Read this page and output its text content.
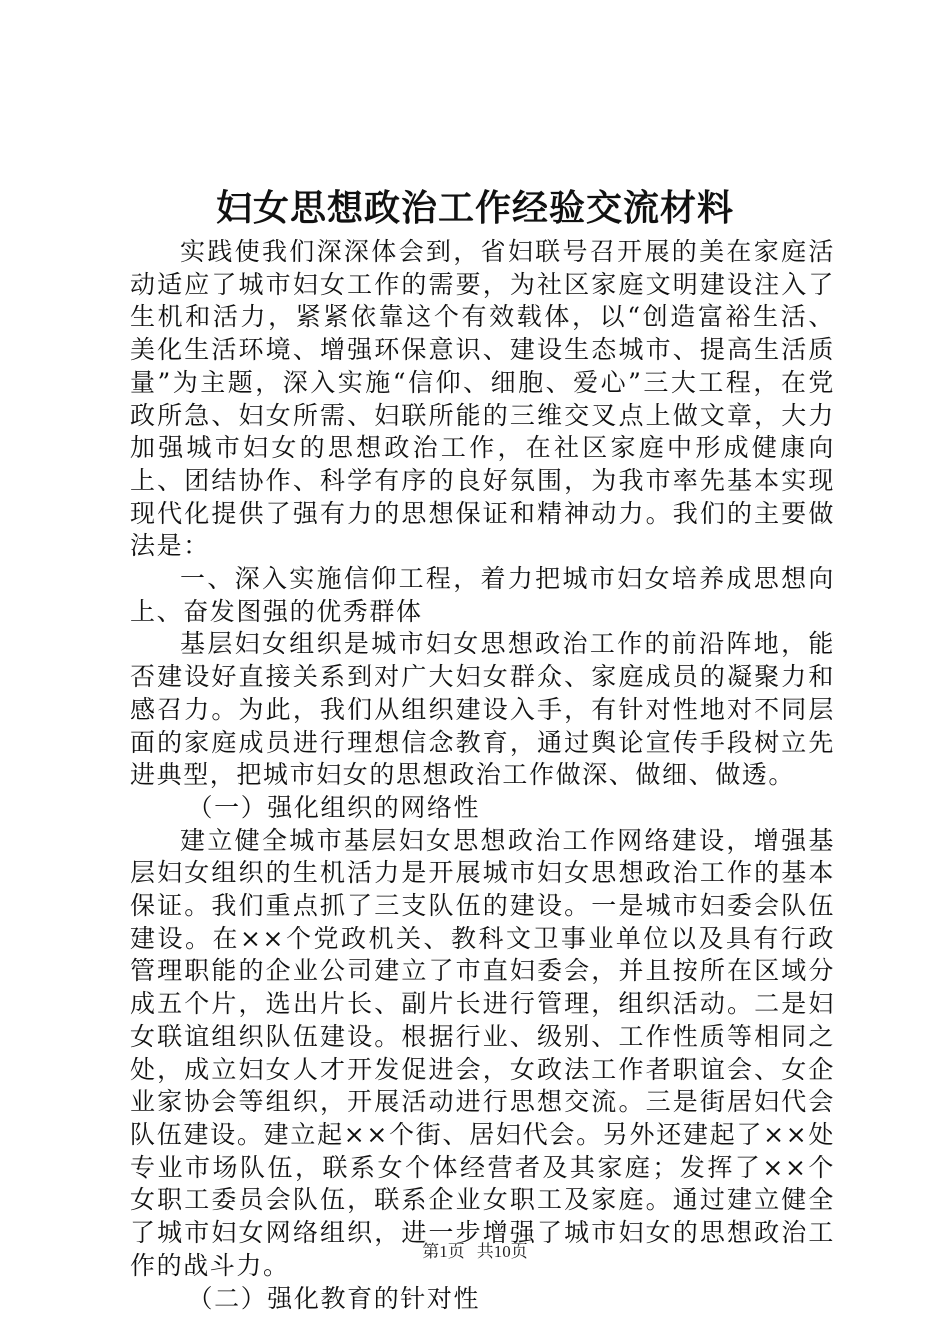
妇女思想政治工作经验交流材料

实践使我们深深体会到，省妇联号召开展的美在家庭活动适应了城市妇女工作的需要，为社区家庭文明建设注入了生机和活力，紧紧依靠这个有效载体，以“创造富裕生活、美化生活环境、增强环保意识、建设生态城市、提高生活质量”为主题，深入实施“信仰、细胞、爱心”三大工程，在党政所急、妇女所需、妇联所能的三维交叉点上做文章，大力加强城市妇女的思想政治工作，在社区家庭中形成健康向上、团结协作、科学有序的良好氛围，为我市率先基本实现现代化提供了强有力的思想保证和精神动力。我们的主要做法是：

一、深入实施信仰工程，着力把城市妇女培养成思想向上、奋发图强的优秀群体

基层妇女组织是城市妇女思想政治工作的前沿阵地，能否建设好直接关系到对广大妇女群众、家庭成员的凝聚力和感召力。为此，我们从组织建设入手，有针对性地对不同层面的家庭成员进行理想信念教育，通过舆论宣传手段树立先进典型，把城市妇女的思想政治工作做深、做细、做透。

（一）强化组织的网络性

建立健全城市基层妇女思想政治工作网络建设，增强基层妇女组织的生机活力是开展城市妇女思想政治工作的基本保证。我们重点抓了三支队伍的建设。一是城市妇委会队伍建设。在××个党政机关、教科文卫事业单位以及具有行政管理职能的企业公司建立了市直妇委会，并且按所在区域分成五个片，选出片长、副片长进行管理，组织活动。二是妇女联谊组织队伍建设。根据行业、级别、工作性质等相同之处，成立妇女人才开发促进会，女政法工作者职谊会、女企业家协会等组织，开展活动进行思想交流。三是街居妇代会队伍建设。建立起××个街、居妇代会。另外还建起了××处专业市场队伍，联系女个体经营者及其家庭；发挥了××个女职工委员会队伍，联系企业女职工及家庭。通过建立健全了城市妇女网络组织，进一步增强了城市妇女的思想政治工作的战斗力。

（二）强化教育的针对性

第1页 共10页
